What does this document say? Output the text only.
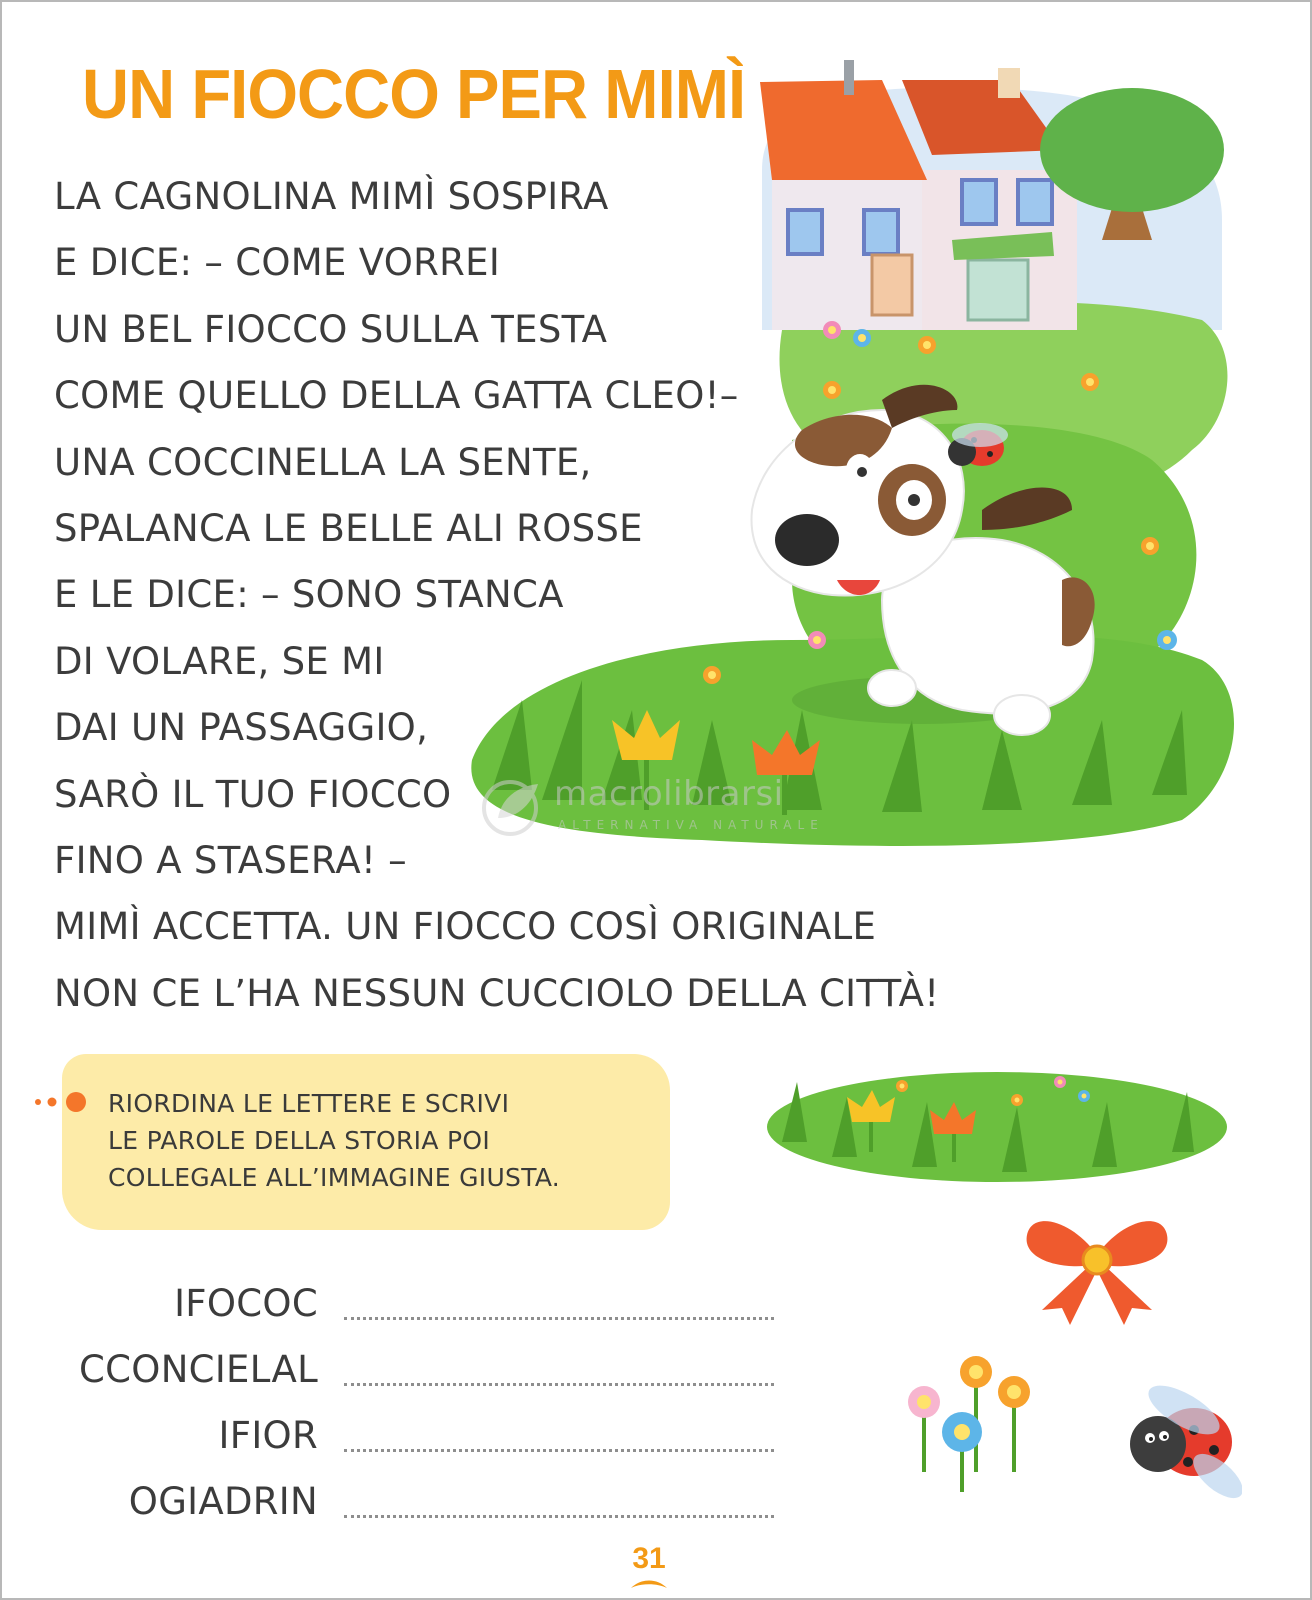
UN FIOCCO PER MIMÌ
LA CAGNOLINA MIMÌ SOSPIRA
E DICE: – COME VORREI
UN BEL FIOCCO SULLA TESTA
COME QUELLO DELLA GATTA CLEO!–
UNA COCCINELLA LA SENTE,
SPALANCA LE BELLE ALI ROSSE
E LE DICE: – SONO STANCA
DI VOLARE, SE MI
DAI UN PASSAGGIO,
SARÒ IL TUO FIOCCO
FINO A STASERA! –
MIMÌ ACCETTA. UN FIOCCO COSÌ ORIGINALE
NON CE L’HA NESSUN CUCCIOLO DELLA CITTÀ!
macrolibrarsi
ALTERNATIVA NATURALE
RIORDINA LE LETTERE E SCRIVI
LE PAROLE DELLA STORIA POI
COLLEGALE ALL’IMMAGINE GIUSTA.
IFOCOC
CCONCIELAL
IFIOR
OGIADRIN
31
